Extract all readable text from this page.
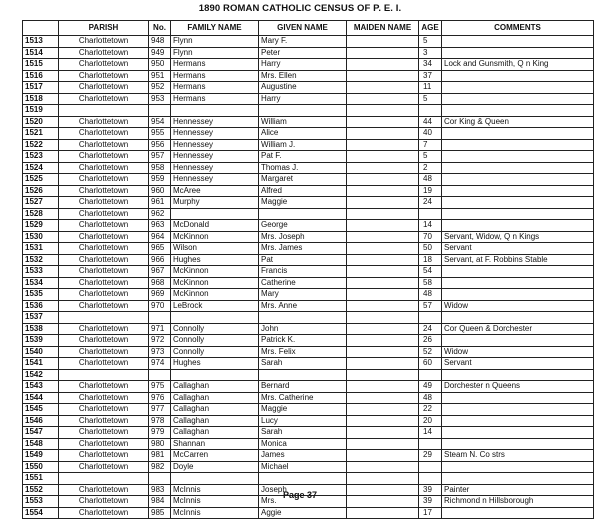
1890 ROMAN CATHOLIC CENSUS OF P. E. I.
	PARISH	No.	FAMILY NAME	GIVEN NAME	MAIDEN NAME	AGE	COMMENTS
1513	Charlottetown	948	Flynn	Mary F.		5	
1514	Charlottetown	949	Flynn	Peter		3	
1515	Charlottetown	950	Hermans	Harry		34	Lock and Gunsmith, Q n King
1516	Charlottetown	951	Hermans	Mrs. Ellen		37	
1517	Charlottetown	952	Hermans	Augustine		11	
1518	Charlottetown	953	Hermans	Harry		5	
1519							
1520	Charlottetown	954	Hennessey	William		44	Cor King & Queen
1521	Charlottetown	955	Hennessey	Alice		40	
1522	Charlottetown	956	Hennessey	William J.		7	
1523	Charlottetown	957	Hennessey	Pat F.		5	
1524	Charlottetown	958	Hennessey	Thomas J.		2	
1525	Charlottetown	959	Hennessey	Margaret		48	
1526	Charlottetown	960	McAree	Alfred		19	
1527	Charlottetown	961	Murphy	Maggie		24	
1528	Charlottetown	962					
1529	Charlottetown	963	McDonald	George		14	
1530	Charlottetown	964	McKinnon	Mrs. Joseph		70	Servant, Widow, Q n Kings
1531	Charlottetown	965	Wilson	Mrs. James		50	Servant
1532	Charlottetown	966	Hughes	Pat		18	Servant, at F. Robbins Stable
1533	Charlottetown	967	McKinnon	Francis		54	
1534	Charlottetown	968	McKinnon	Catherine		58	
1535	Charlottetown	969	McKinnon	Mary		48	
1536	Charlottetown	970	LeBrock	Mrs. Anne		57	Widow
1537							
1538	Charlottetown	971	Connolly	John		24	Cor Queen & Dorchester
1539	Charlottetown	972	Connolly	Patrick K.		26	
1540	Charlottetown	973	Connolly	Mrs. Felix		52	Widow
1541	Charlottetown	974	Hughes	Sarah		60	Servant
1542							
1543	Charlottetown	975	Callaghan	Bernard		49	Dorchester n Queens
1544	Charlottetown	976	Callaghan	Mrs. Catherine		48	
1545	Charlottetown	977	Callaghan	Maggie		22	
1546	Charlottetown	978	Callaghan	Lucy		20	
1547	Charlottetown	979	Callaghan	Sarah		14	
1548	Charlottetown	980	Shannan	Monica			
1549	Charlottetown	981	McCarren	James		29	Steam N. Co strs
1550	Charlottetown	982	Doyle	Michael			
1551							
1552	Charlottetown	983	McInnis	Joseph		39	Painter
1553	Charlottetown	984	McInnis	Mrs.		39	Richmond n Hillsborough
1554	Charlottetown	985	McInnis	Aggie		17	
Page 37
